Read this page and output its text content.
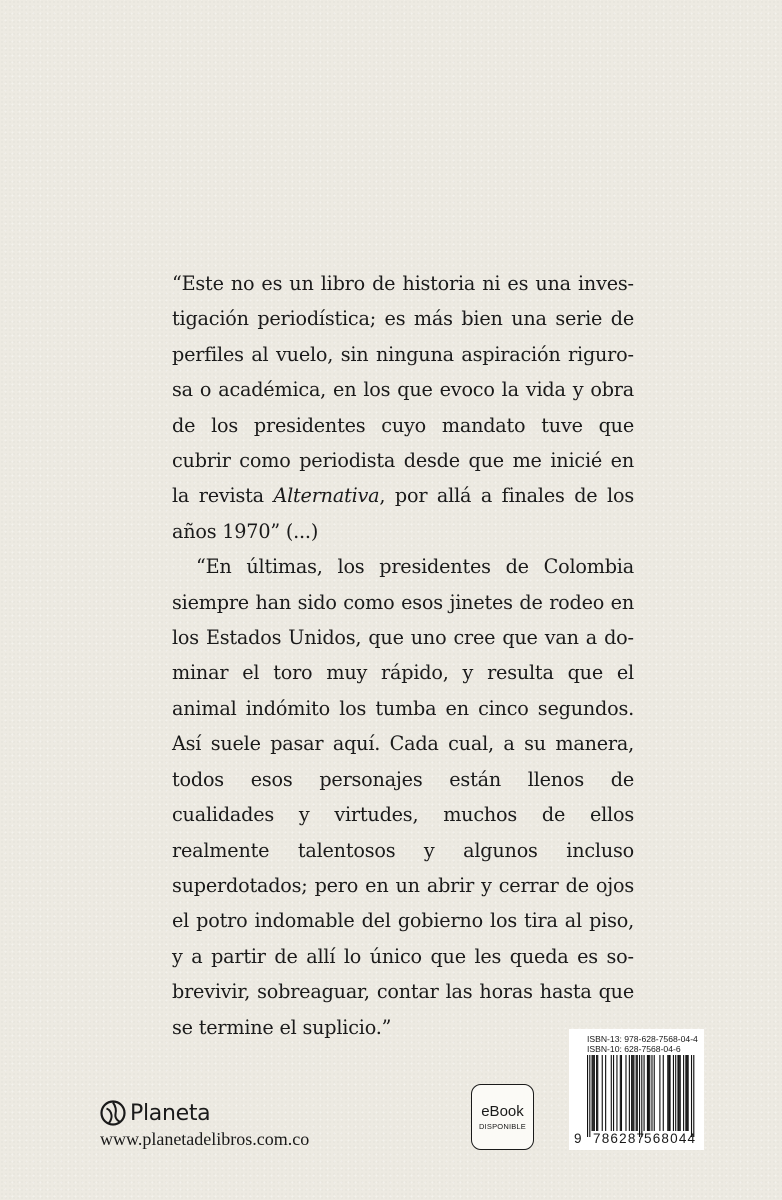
“Este no es un libro de historia ni es una investigación periodística; es más bien una serie de perfiles al vuelo, sin ninguna aspiración rigurosa o académica, en los que evoco la vida y obra de los presidentes cuyo mandato tuve que cubrir como periodista desde que me inicié en la revista Alternativa, por allá a finales de los años 1970” (...)

“En últimas, los presidentes de Colombia siempre han sido como esos jinetes de rodeo en los Estados Unidos, que uno cree que van a dominar el toro muy rápido, y resulta que el animal indómito los tumba en cinco segundos. Así suele pasar aquí. Cada cual, a su manera, todos esos personajes están llenos de cualidades y virtudes, muchos de ellos realmente talentosos y algunos incluso superdotados; pero en un abrir y cerrar de ojos el potro indomable del gobierno los tira al piso, y a partir de allí lo único que les queda es sobrevivir, sobreaguar, contar las horas hasta que se termine el suplicio.”

Planeta
www.planetadelibros.com.co
eBook
DISPONIBLE
ISBN-13: 978-628-7568-04-4
ISBN-10: 628-7568-04-6
9 786287
568044
